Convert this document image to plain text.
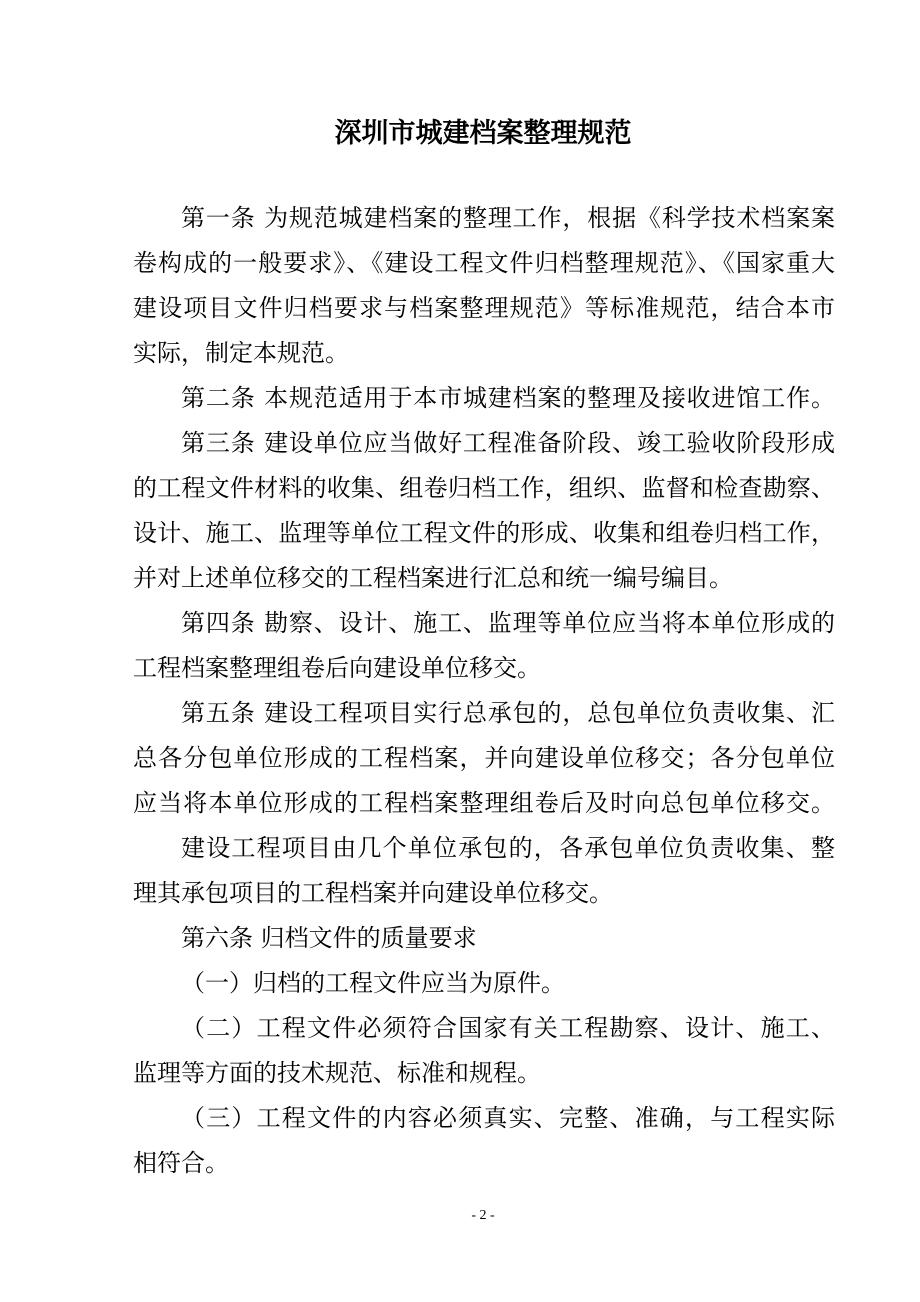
深圳市城建档案整理规范
第一条 为规范城建档案的整理工作，根据《科学技术档案案
卷构成的一般要求》、《建设工程文件归档整理规范》、《国家重大
建设项目文件归档要求与档案整理规范》等标准规范，结合本市
实际，制定本规范。
第二条 本规范适用于本市城建档案的整理及接收进馆工作。
第三条 建设单位应当做好工程准备阶段、竣工验收阶段形成
的工程文件材料的收集、组卷归档工作，组织、监督和检查勘察、
设计、施工、监理等单位工程文件的形成、收集和组卷归档工作，
并对上述单位移交的工程档案进行汇总和统一编号编目。
第四条 勘察、设计、施工、监理等单位应当将本单位形成的
工程档案整理组卷后向建设单位移交。
第五条 建设工程项目实行总承包的，总包单位负责收集、汇
总各分包单位形成的工程档案，并向建设单位移交；各分包单位
应当将本单位形成的工程档案整理组卷后及时向总包单位移交。
建设工程项目由几个单位承包的，各承包单位负责收集、整
理其承包项目的工程档案并向建设单位移交。
第六条 归档文件的质量要求
（一）归档的工程文件应当为原件。
（二）工程文件必须符合国家有关工程勘察、设计、施工、
监理等方面的技术规范、标准和规程。
（三）工程文件的内容必须真实、完整、准确，与工程实际
相符合。
- 2 -
